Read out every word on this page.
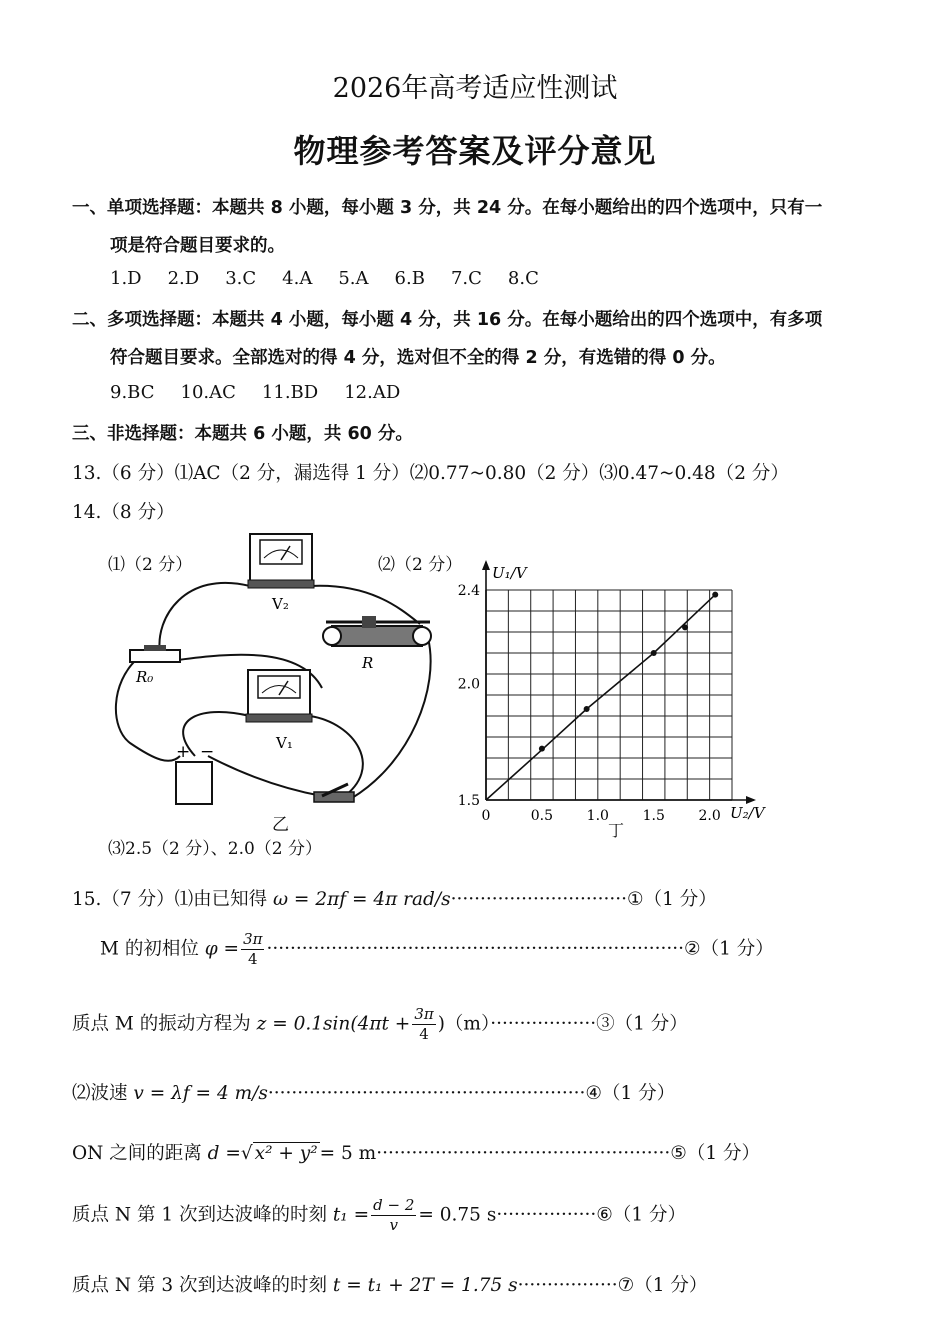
2026年高考适应性测试
物理参考答案及评分意见
一、单项选择题：本题共 8 小题，每小题 3 分，共 24 分。在每小题给出的四个选项中，只有一
项是符合题目要求的。
1.D 2.D 3.C 4.A 5.A 6.B 7.C 8.C
二、多项选择题：本题共 4 小题，每小题 4 分，共 16 分。在每小题给出的四个选项中，有多项
符合题目要求。全部选对的得 4 分，选对但不全的得 2 分，有选错的得 0 分。
9.BC 10.AC 11.BD 12.AD
三、非选择题：本题共 6 小题，共 60 分。
13.（6 分）⑴AC（2 分，漏选得 1 分）⑵0.77~0.80（2 分）⑶0.47~0.48（2 分）
14.（8 分）
⑴（2 分）	⑵（2 分）
V₂
V₁
R
R₀
+ −
乙
⑶2.5（2 分）、2.0（2 分）
2.4
2.0
1.5
0	0.5 1.0 1.5 2.0
U₁/V
U₂/V
丁
15.（7 分）⑴由已知得 ω = 2πf = 4π rad/s······························①（1 分）
M 的初相位 $\varphi = \frac{3\pi}{4}$ ·······································································②（1 分）
质点 M 的振动方程为 $z = 0.1\sin(4\pi t + \frac{3\pi}{4}$ )（m）··················③（1 分）
⑵波速 v = λf = 4 m/s······················································④（1 分）
ON 之间的距离 d =√ x² + y² = 5 m··················································⑤（1 分）
质点 N 第 1 次到达波峰的时刻 $t_1 = \frac{d - 2}{v} = 0.75$ s·················⑥（1 分）
质点 N 第 3 次到达波峰的时刻 t = t₁ + 2T = 1.75 s·················⑦（1 分）
